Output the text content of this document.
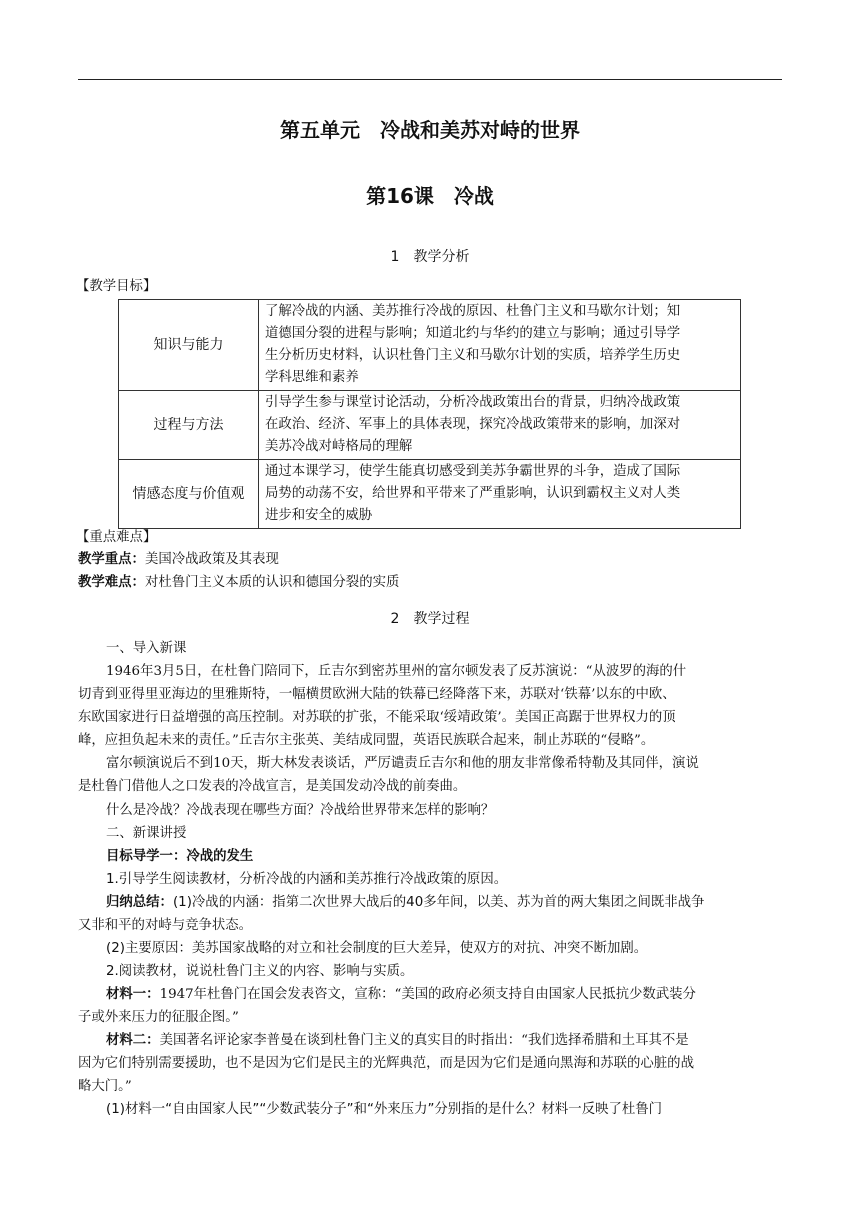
第五单元　冷战和美苏对峙的世界
第16课　冷战
1 教学分析
【教学目标】
知识与能力	了解冷战的内涵、美苏推行冷战的原因、杜鲁门主义和马歇尔计划；知
道德国分裂的进程与影响；知道北约与华约的建立与影响；通过引导学
生分析历史材料，认识杜鲁门主义和马歇尔计划的实质，培养学生历史
学科思维和素养

过程与方法	引导学生参与课堂讨论活动，分析冷战政策出台的背景，归纳冷战政策
在政治、经济、军事上的具体表现，探究冷战政策带来的影响，加深对
美苏冷战对峙格局的理解

情感态度与价值观	通过本课学习，使学生能真切感受到美苏争霸世界的斗争，造成了国际
局势的动荡不安，给世界和平带来了严重影响，认识到霸权主义对人类
进步和安全的威胁
【重点难点】
教学重点：美国冷战政策及其表现
教学难点：对杜鲁门主义本质的认识和德国分裂的实质
2 教学过程
一、导入新课
1946年3月5日，在杜鲁门陪同下，丘吉尔到密苏里州的富尔顿发表了反苏演说：“从波罗的海的什
切青到亚得里亚海边的里雅斯特，一幅横贯欧洲大陆的铁幕已经降落下来，苏联对‘铁幕’以东的中欧、
东欧国家进行日益增强的高压控制。对苏联的扩张，不能采取‘绥靖政策’。美国正高踞于世界权力的顶
峰，应担负起未来的责任。”丘吉尔主张英、美结成同盟，英语民族联合起来，制止苏联的“侵略”。
富尔顿演说后不到10天，斯大林发表谈话，严厉谴责丘吉尔和他的朋友非常像希特勒及其同伴，演说
是杜鲁门借他人之口发表的冷战宣言，是美国发动冷战的前奏曲。
什么是冷战？冷战表现在哪些方面？冷战给世界带来怎样的影响？
二、新课讲授
目标导学一：冷战的发生
1.引导学生阅读教材，分析冷战的内涵和美苏推行冷战政策的原因。
归纳总结：(1)冷战的内涵：指第二次世界大战后的40多年间，以美、苏为首的两大集团之间既非战争
又非和平的对峙与竞争状态。
(2)主要原因：美苏国家战略的对立和社会制度的巨大差异，使双方的对抗、冲突不断加剧。
2.阅读教材，说说杜鲁门主义的内容、影响与实质。
材料一：1947年杜鲁门在国会发表咨文，宣称：“美国的政府必须支持自由国家人民抵抗少数武装分
子或外来压力的征服企图。”
材料二：美国著名评论家李普曼在谈到杜鲁门主义的真实目的时指出：“我们选择希腊和土耳其不是
因为它们特别需要援助，也不是因为它们是民主的光辉典范，而是因为它们是通向黑海和苏联的心脏的战
略大门。”
(1)材料一“自由国家人民”“少数武装分子”和“外来压力”分别指的是什么？材料一反映了杜鲁门
